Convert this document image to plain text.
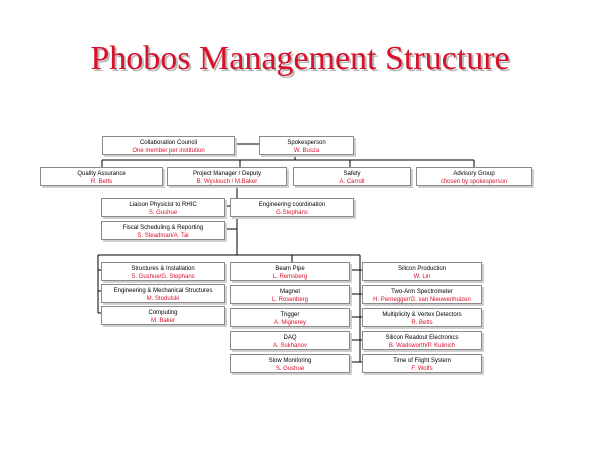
Phobos Management Structure
Collaboration Council
One member per institution
Spokesperson
W. Busza
Quality Assurance
R. Betts
Project Manager / Deputy
B. Wyslouch / M.Baker
Safety
A. Carroll
Advisory Group
chosen by spokesperson
Liaison Physicist to RHIC
S. Gushue
Fiscal Scheduling & Reporting
S. Steadman/A. Tai
Engineering coordination
G.Stephans
Structures & Installation
S. Gushue/G. Stephans
Engineering & Mechanical Structures
M. Stodulski
Computing
M. Baker
Beam Pipe
L. Remsberg
Magnet
L. Rosenberg
Trigger
A. Mignerey
DAQ
A. Sukhanov
Slow Monitoring
S. Gushue
Silicon Production
W. Lin
Two-Arm Spectrometer
H. Pernegger/G. van Nieuwenhuizen
Multiplicity & Vertex Detectors
R. Betts
Silicon Readout Electronics
B. Wadsworth/P. Kulinich
Time of Flight System
F. Wolfs
